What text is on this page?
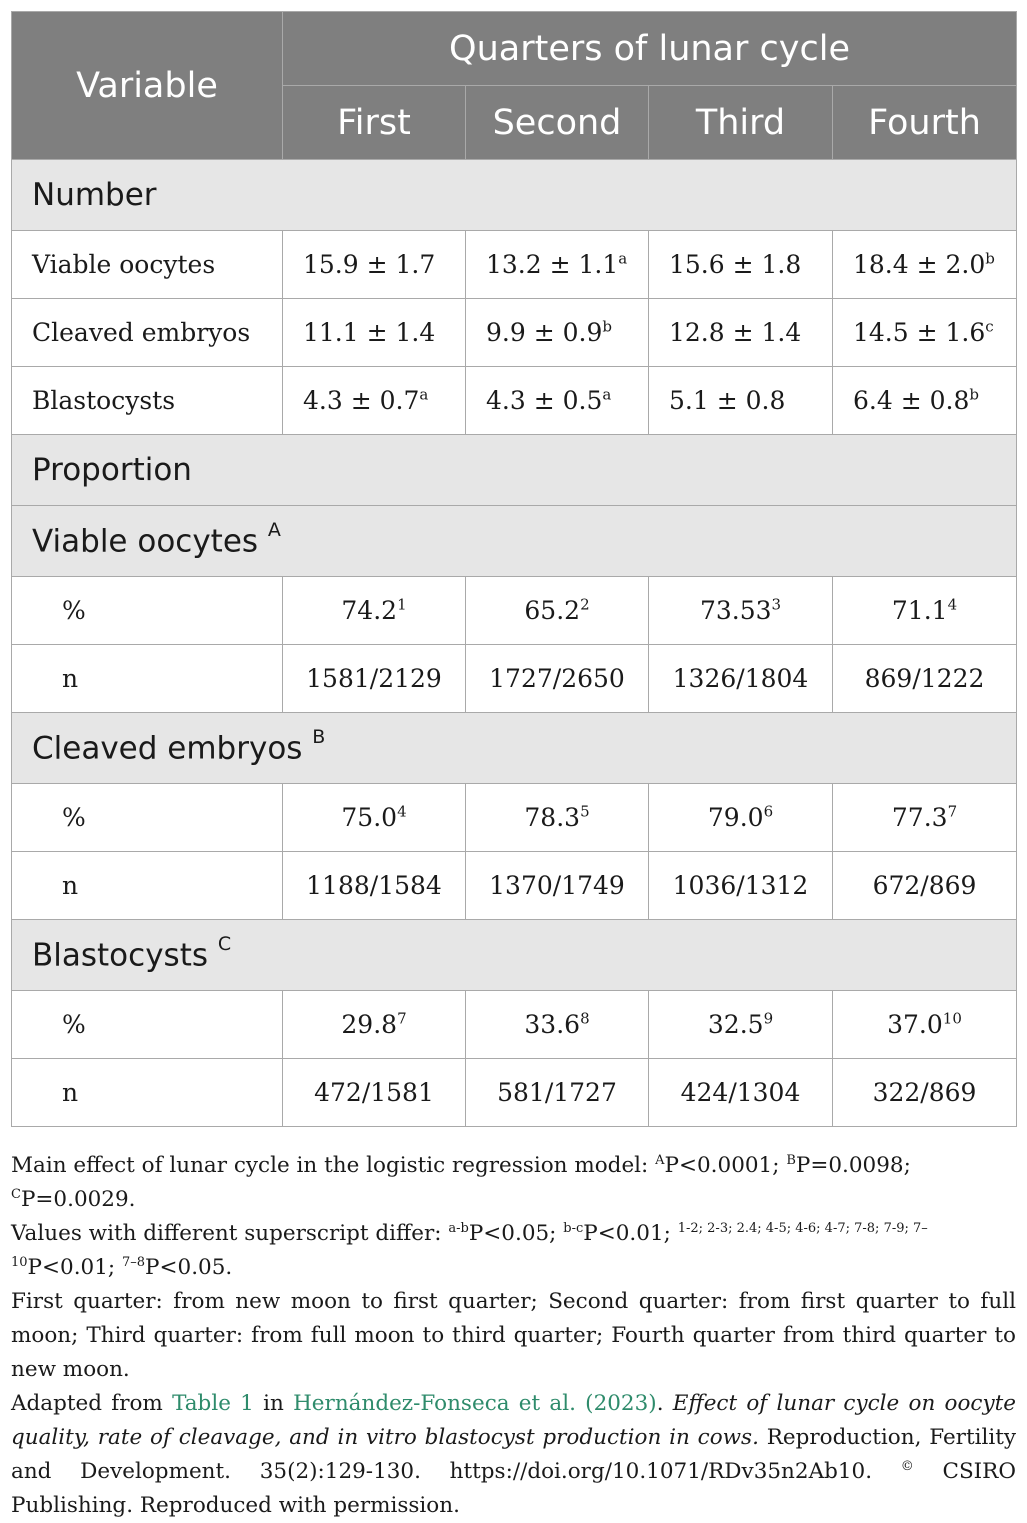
Variable	Quarters of lunar cycle			
	First	Second	Third	Fourth
Number				
Viable oocytes	15.9 ± 1.7	13.2 ± 1.1$^a$	15.6 ± 1.8	18.4 ± 2.0$^b$
Cleaved embryos	11.1 ± 1.4	9.9 ± 0.9$^b$	12.8 ± 1.4	14.5 ± 1.6$^c$
Blastocysts	4.3 ± 0.7$^a$	4.3 ± 0.5$^a$	5.1 ± 0.8	6.4 ± 0.8$^b$
Proportion				
Viable oocytes $^A$
%	74.2$^1$	65.2$^2$	73.53$^3$	71.1$^4$
n	1581/2129	1727/2650	1326/1804	869/1222
Cleaved embryos $^B$
%	75.0$^4$	78.3$^5$	79.0$^6$	77.3$^7$
n	1188/1584	1370/1749	1036/1312	672/869
Blastocysts $^C$
%	29.8$^7$	33.6$^8$	32.5$^9$	37.0$^{10}$
n	472/1581	581/1727	424/1304	322/869

Main effect of lunar cycle in the logistic regression model: $^A$P<0.0001; $^B$P=0.0098; $^C$P=0.0029.

Values with different superscript differ: $^{a-b}$P<0.05; $^{b-c}$P<0.01; $^{1-2; 2-3; 2.4; 4-5; 4-6; 4-7; 7-8; 7-9; 7-10}$P<0.01; $^{7-8}$P<0.05.

First quarter: from new moon to first quarter; Second quarter: from first quarter to full moon; Third quarter: from full moon to third quarter; Fourth quarter from third quarter to new moon.

Adapted from Table 1 in Hernández-Fonseca et al. (2023). Effect of lunar cycle on oocyte quality, rate of cleavage, and in vitro blastocyst production in cows. Reproduction, Fertility and Development. 35(2):129-130. https://doi.org/10.1071/RDv35n2Ab10. © CSIRO Publishing. Reproduced with permission.
